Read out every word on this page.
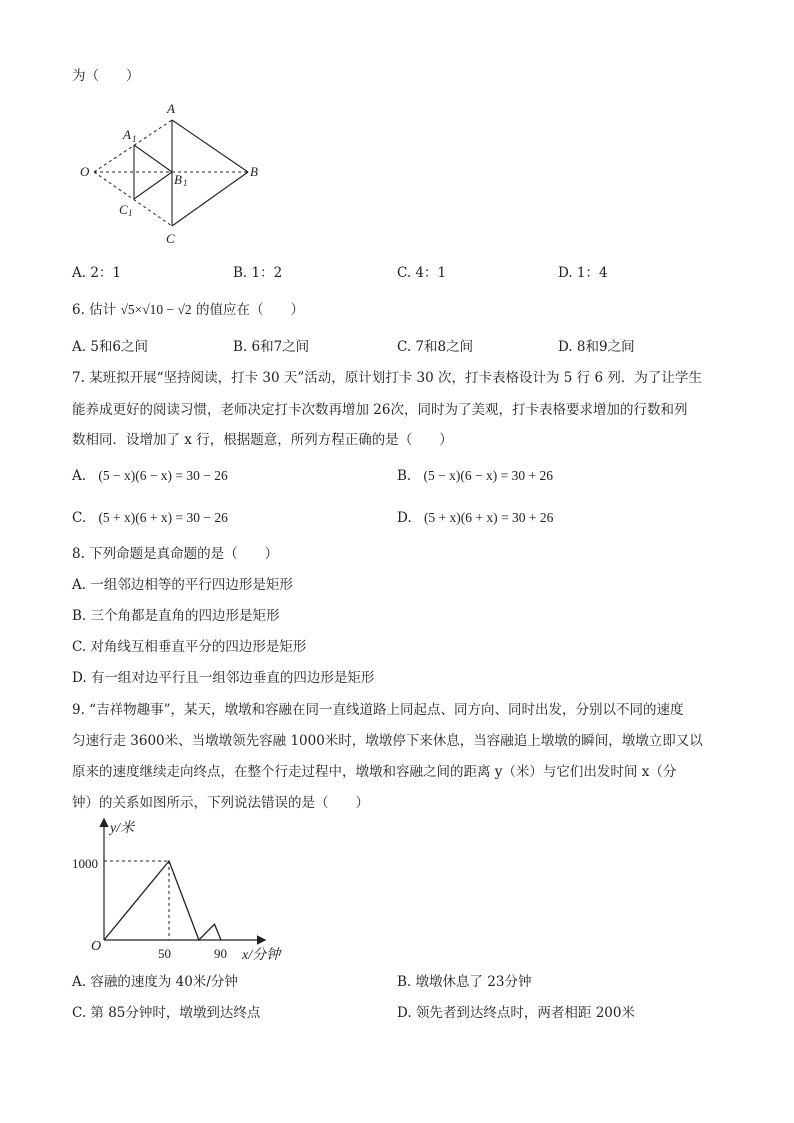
为（　　）
A
A 1
O
B 1
B
C 1
C
A. 2：1	B. 1：2	C. 4：1	D. 1：4
6. 估计 √5×√10 − √2 的值应在（　　）
A. 5和6之间	B. 6和7之间	C. 7和8之间	D. 8和9之间
7. 某班拟开展“坚持阅读，打卡 30 天”活动，原计划打卡 30 次，打卡表格设计为 5 行 6 列．为了让学生
能养成更好的阅读习惯，老师决定打卡次数再增加 26次，同时为了美观，打卡表格要求增加的行数和列
数相同．设增加了 x 行，根据题意，所列方程正确的是（　　）
A. (5 − x)(6 − x) = 30 − 26	B. (5 − x)(6 − x) = 30 + 26
C. (5 + x)(6 + x) = 30 − 26	D. (5 + x)(6 + x) = 30 + 26
8. 下列命题是真命题的是（　　）
A. 一组邻边相等的平行四边形是矩形
B. 三个角都是直角的四边形是矩形
C. 对角线互相垂直平分的四边形是矩形
D. 有一组对边平行且一组邻边垂直的四边形是矩形
9. “吉祥物趣事”，某天，墩墩和容融在同一直线道路上同起点、同方向、同时出发，分别以不同的速度
匀速行走 3600米、当墩墩领先容融 1000米时，墩墩停下来休息，当容融追上墩墩的瞬间，墩墩立即又以
原来的速度继续走向终点，在整个行走过程中，墩墩和容融之间的距离 y（米）与它们出发时间 x（分
钟）的关系如图所示，下列说法错误的是（　　）
y/米
x/分钟
O
1000
50	90
A. 容融的速度为 40米/分钟	B. 墩墩休息了 23分钟
C. 第 85分钟时，墩墩到达终点	D. 领先者到达终点时，两者相距 200米
